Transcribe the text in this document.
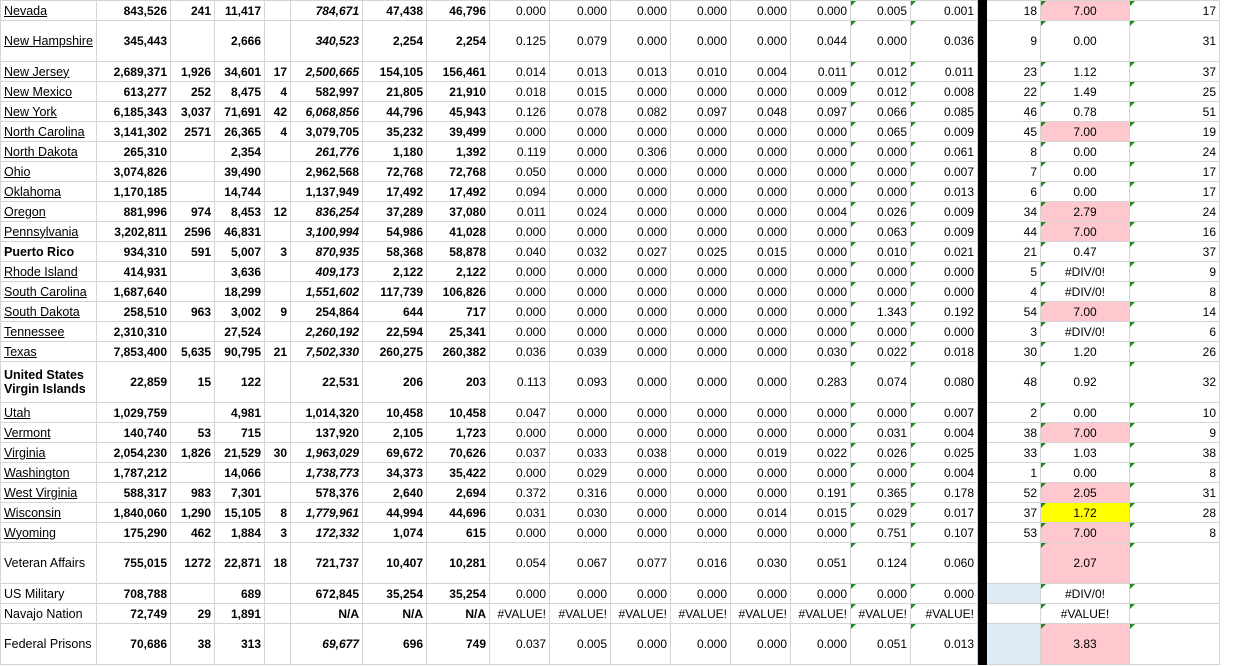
Nevada	843,526	241	11,417		784,671	47,438	46,796	0.000	0.000	0.000	0.000	0.000	0.000	0.005	0.001		18	7.00	17
New Hampshire	345,443		2,666		340,523	2,254	2,254	0.125	0.079	0.000	0.000	0.000	0.044	0.000	0.036		9	0.00	31
New Jersey	2,689,371	1,926	34,601	17	2,500,665	154,105	156,461	0.014	0.013	0.013	0.010	0.004	0.011	0.012	0.011		23	1.12	37
New Mexico	613,277	252	8,475	4	582,997	21,805	21,910	0.018	0.015	0.000	0.000	0.000	0.009	0.012	0.008		22	1.49	25
New York	6,185,343	3,037	71,691	42	6,068,856	44,796	45,943	0.126	0.078	0.082	0.097	0.048	0.097	0.066	0.085		46	0.78	51
North Carolina	3,141,302	2571	26,365	4	3,079,705	35,232	39,499	0.000	0.000	0.000	0.000	0.000	0.000	0.065	0.009		45	7.00	19
North Dakota	265,310		2,354		261,776	1,180	1,392	0.119	0.000	0.306	0.000	0.000	0.000	0.000	0.061		8	0.00	24
Ohio	3,074,826		39,490		2,962,568	72,768	72,768	0.050	0.000	0.000	0.000	0.000	0.000	0.000	0.007		7	0.00	17
Oklahoma	1,170,185		14,744		1,137,949	17,492	17,492	0.094	0.000	0.000	0.000	0.000	0.000	0.000	0.013		6	0.00	17
Oregon	881,996	974	8,453	12	836,254	37,289	37,080	0.011	0.024	0.000	0.000	0.000	0.004	0.026	0.009		34	2.79	24
Pennsylvania	3,202,811	2596	46,831		3,100,994	54,986	41,028	0.000	0.000	0.000	0.000	0.000	0.000	0.063	0.009		44	7.00	16
Puerto Rico	934,310	591	5,007	3	870,935	58,368	58,878	0.040	0.032	0.027	0.025	0.015	0.000	0.010	0.021		21	0.47	37
Rhode Island	414,931		3,636		409,173	2,122	2,122	0.000	0.000	0.000	0.000	0.000	0.000	0.000	0.000		5	#DIV/0!	9
South Carolina	1,687,640		18,299		1,551,602	117,739	106,826	0.000	0.000	0.000	0.000	0.000	0.000	0.000	0.000		4	#DIV/0!	8
South Dakota	258,510	963	3,002	9	254,864	644	717	0.000	0.000	0.000	0.000	0.000	0.000	1.343	0.192		54	7.00	14
Tennessee	2,310,310		27,524		2,260,192	22,594	25,341	0.000	0.000	0.000	0.000	0.000	0.000	0.000	0.000		3	#DIV/0!	6
Texas	7,853,400	5,635	90,795	21	7,502,330	260,275	260,382	0.036	0.039	0.000	0.000	0.000	0.030	0.022	0.018		30	1.20	26
United States Virgin Islands	22,859	15	122		22,531	206	203	0.113	0.093	0.000	0.000	0.000	0.283	0.074	0.080		48	0.92	32
Utah	1,029,759		4,981		1,014,320	10,458	10,458	0.047	0.000	0.000	0.000	0.000	0.000	0.000	0.007		2	0.00	10
Vermont	140,740	53	715		137,920	2,105	1,723	0.000	0.000	0.000	0.000	0.000	0.000	0.031	0.004		38	7.00	9
Virginia	2,054,230	1,826	21,529	30	1,963,029	69,672	70,626	0.037	0.033	0.038	0.000	0.019	0.022	0.026	0.025		33	1.03	38
Washington	1,787,212		14,066		1,738,773	34,373	35,422	0.000	0.029	0.000	0.000	0.000	0.000	0.000	0.004		1	0.00	8
West Virginia	588,317	983	7,301		578,376	2,640	2,694	0.372	0.316	0.000	0.000	0.000	0.191	0.365	0.178		52	2.05	31
Wisconsin	1,840,060	1,290	15,105	8	1,779,961	44,994	44,696	0.031	0.030	0.000	0.000	0.014	0.015	0.029	0.017		37	1.72	28
Wyoming	175,290	462	1,884	3	172,332	1,074	615	0.000	0.000	0.000	0.000	0.000	0.000	0.751	0.107		53	7.00	8
Veteran Affairs	755,015	1272	22,871	18	721,737	10,407	10,281	0.054	0.067	0.077	0.016	0.030	0.051	0.124	0.060			2.07	
US Military	708,788		689		672,845	35,254	35,254	0.000	0.000	0.000	0.000	0.000	0.000	0.000	0.000			#DIV/0!	
Navajo Nation	72,749	29	1,891		N/A	N/A	N/A	#VALUE!	#VALUE!	#VALUE!	#VALUE!	#VALUE!	#VALUE!	#VALUE!	#VALUE!			#VALUE!	
Federal Prisons	70,686	38	313		69,677	696	749	0.037	0.005	0.000	0.000	0.000	0.000	0.051	0.013			3.83	
